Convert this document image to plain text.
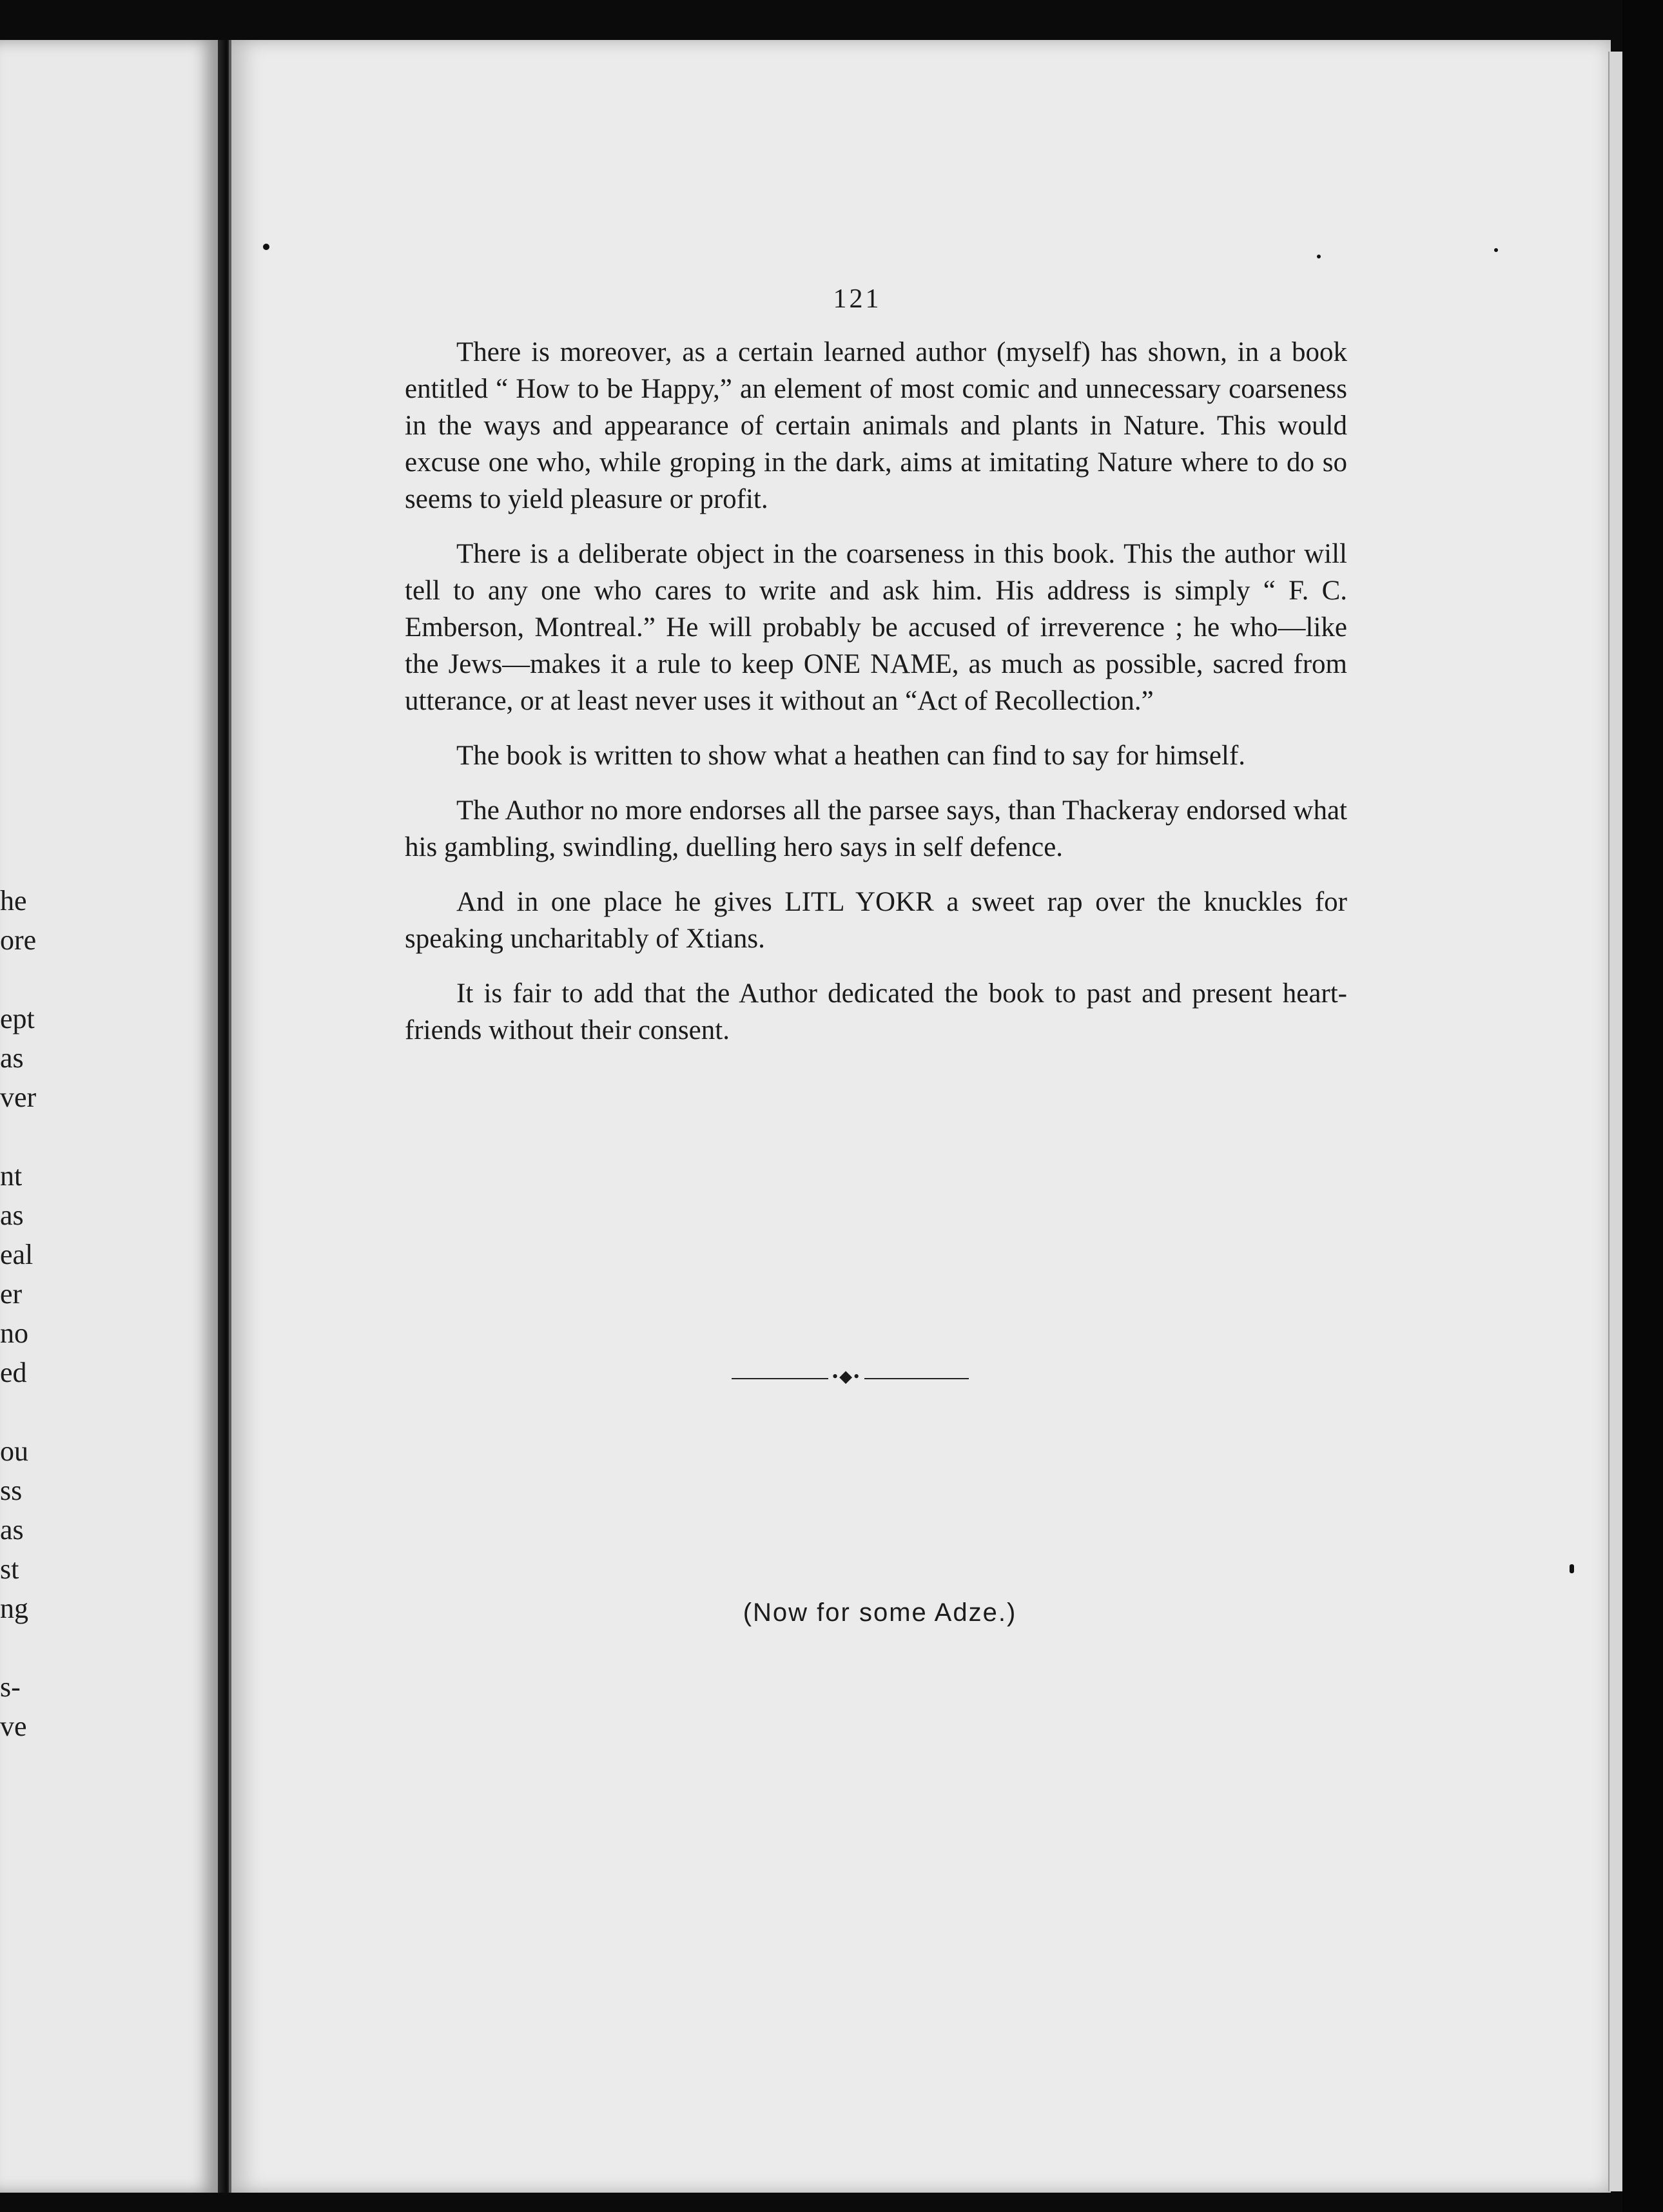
he
ore
ept
as
ver
nt
as
eal
er
no
ed
ou
ss
as
st
ng
s-
ve
121

There is moreover, as a certain learned author (myself) has shown, in a book entitled “ How to be Happy,” an element of most comic and unnecessary coarseness in the ways and appearance of certain animals and plants in Nature. This would excuse one who, while groping in the dark, aims at imitating Nature where to do so seems to yield pleasure or profit.

There is a deliberate object in the coarseness in this book. This the author will tell to any one who cares to write and ask him. His address is simply “ F. C. Emberson, Montreal.” He will probably be accused of irreverence ; he who—like the Jews—makes it a rule to keep ONE NAME, as much as possible, sacred from utterance, or at least never uses it without an “Act of Recollection.”

The book is written to show what a heathen can find to say for himself.

The Author no more endorses all the parsee says, than Thackeray endorsed what his gambling, swindling, duelling hero says in self defence.

And in one place he gives LITL YOKR a sweet rap over the knuckles for speaking uncharitably of Xtians.

It is fair to add that the Author dedicated the book to past and present heart-friends without their consent.

•◆•
(Now for some Adze.)
